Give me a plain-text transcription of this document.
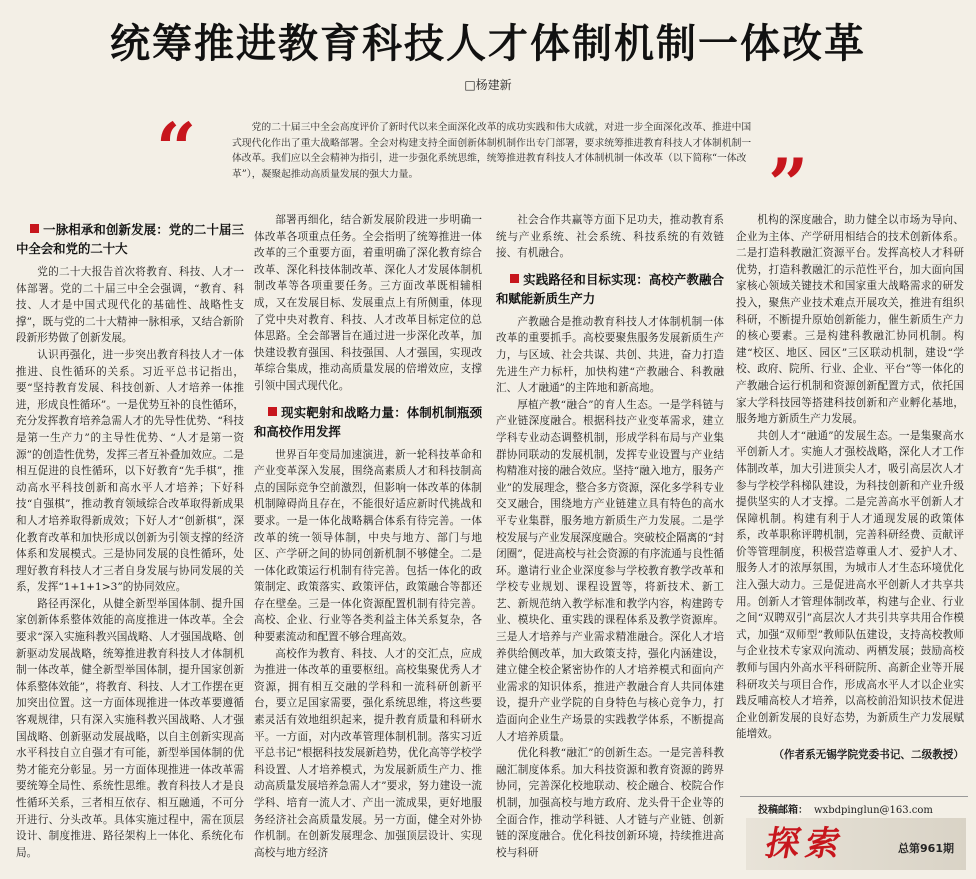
统筹推进教育科技人才体制机制一体改革
□杨建新
“	党的二十届三中全会高度评价了新时代以来全面深化改革的成功实践和伟大成就，对进一步全面深化改革、推进中国式现代化作出了重大战略部署。全会对构建支持全面创新体制机制作出专门部署，要求统筹推进教育科技人才体制机制一体改革。我们应以全会精神为指引，进一步强化系统思维，统筹推进教育科技人才体制机制一体改革（以下简称“一体改革”），凝聚起推动高质量发展的强大力量。	”
一脉相承和创新发展：党的二十届三中全会和党的二十大

党的二十大报告首次将教育、科技、人才一体部署。党的二十届三中全会强调，“教育、科技、人才是中国式现代化的基础性、战略性支撑”，既与党的二十大精神一脉相承，又结合新阶段新形势做了创新发展。

认识再强化，进一步突出教育科技人才一体推进、良性循环的关系。习近平总书记指出，要“坚持教育发展、科技创新、人才培养一体推进，形成良性循环”。一是优势互补的良性循环，充分发挥教育培养急需人才的先导性优势、“科技是第一生产力”的主导性优势、“人才是第一资源”的创造性优势，发挥三者互补叠加效应。二是相互促进的良性循环，以下好教育“先手棋”，推动高水平科技创新和高水平人才培养；下好科技“自强棋”，推动教育领域综合改革取得新成果和人才培养取得新成效；下好人才“创新棋”，深化教育改革和加快形成以创新为引领支撑的经济体系和发展模式。三是协同发展的良性循环，处理好教育科技人才三者自身发展与协同发展的关系，发挥“1+1+1>3”的协同效应。

路径再深化，从健全新型举国体制、提升国家创新体系整体效能的高度推进一体改革。全会要求“深入实施科教兴国战略、人才强国战略、创新驱动发展战略，统筹推进教育科技人才体制机制一体改革，健全新型举国体制，提升国家创新体系整体效能”，将教育、科技、人才工作摆在更加突出位置。这一方面体现推进一体改革要遵循客观规律，只有深入实施科教兴国战略、人才强国战略、创新驱动发展战略，以自主创新实现高水平科技自立自强才有可能，新型举国体制的优势才能充分彰显。另一方面体现推进一体改革需要统筹全局性、系统性思维。教育科技人才是良性循环关系，三者相互依存、相互融通，不可分开进行、分头改革。具体实施过程中，需在顶层设计、制度推进、路径架构上一体化、系统化布局。

部署再细化，结合新发展阶段进一步明确一体改革各项重点任务。全会指明了统筹推进一体改革的三个重要方面，着重明确了深化教育综合改革、深化科技体制改革、深化人才发展体制机制改革等各项重要任务。三方面改革既相辅相成，又在发展目标、发展重点上有所侧重，体现了党中央对教育、科技、人才改革目标定位的总体思路。全会部署旨在通过进一步深化改革，加快建设教育强国、科技强国、人才强国，实现改革综合集成，推动高质量发展的倍增效应，支撑引领中国式现代化。

现实靶射和战略力量：体制机制瓶颈和高校作用发挥

世界百年变局加速演进，新一轮科技革命和产业变革深入发展，围绕高素质人才和科技制高点的国际竞争空前激烈，但影响一体改革的体制机制障碍尚且存在，不能很好适应新时代挑战和要求。一是一体化战略耦合体系有待完善。一体改革的统一领导体制，中央与地方、部门与地区、产学研之间的协同创新机制不够健全。二是一体化政策运行机制有待完善。包括一体化的政策制定、政策落实、政策评估，政策融合等都还存在壁垒。三是一体化资源配置机制有待完善。高校、企业、行业等各类利益主体关系复杂，各种要素流动和配置不够合理高效。

高校作为教育、科技、人才的交汇点，应成为推进一体改革的重要枢纽。高校集聚优秀人才资源，拥有相互交融的学科和一流科研创新平台，要立足国家需要，强化系统思维，将这些要素灵活有效地组织起来，提升教育质量和科研水平。一方面，对内改革管理体制机制。落实习近平总书记“根据科技发展新趋势，优化高等学校学科设置、人才培养模式，为发展新质生产力、推动高质量发展培养急需人才”要求，努力建设一流学科、培育一流人才、产出一流成果，更好地服务经济社会高质量发展。另一方面，健全对外协作机制。在创新发展理念、加强顶层设计、实现高校与地方经济

社会合作共赢等方面下足功夫，推动教育系统与产业系统、社会系统、科技系统的有效链接、有机融合。

实践路径和目标实现：高校产教融合和赋能新质生产力

产教融合是推动教育科技人才体制机制一体改革的重要抓手。高校要聚焦服务发展新质生产力，与区域、社会共谋、共创、共进，奋力打造先进生产力标杆，加快构建“产教融合、科教融汇、人才融通”的主阵地和新高地。

厚植产教“融合”的育人生态。一是学科链与产业链深度融合。根据科技产业变革需求，建立学科专业动态调整机制，形成学科布局与产业集群协同联动的发展机制，发挥专业设置与产业结构精准对接的融合效应。坚持“融入地方，服务产业”的发展理念，整合多方资源，深化多学科专业交叉融合，围绕地方产业链建立具有特色的高水平专业集群，服务地方新质生产力发展。二是学校发展与产业发展深度融合。突破校企隔离的“封闭圈”，促进高校与社会资源的有序流通与良性循环。邀请行业企业深度参与学校教育教学改革和学校专业规划、课程设置等，将新技术、新工艺、新规范纳入教学标准和教学内容，构建跨专业、模块化、重实践的课程体系及教学资源库。三是人才培养与产业需求精准融合。深化人才培养供给侧改革，加大政策支持，强化内涵建设，建立健全校企紧密协作的人才培养模式和面向产业需求的知识体系，推进产教融合育人共同体建设，提升产业学院的自身特色与核心竞争力，打造面向企业生产场景的实践教学体系，不断提高人才培养质量。

优化科教“融汇”的创新生态。一是完善科教融汇制度体系。加大科技资源和教育资源的跨界协同，完善深化校地联动、校企融合、校院合作机制，加强高校与地方政府、龙头骨干企业等的全面合作，推动学科链、人才链与产业链、创新链的深度融合。优化科技创新环境，持续推进高校与科研

机构的深度融合，助力健全以市场为导向、企业为主体、产学研用相结合的技术创新体系。二是打造科教融汇资源平台。发挥高校人才科研优势，打造科教融汇的示范性平台，加大面向国家核心领域关键技术和国家重大战略需求的研发投入，聚焦产业技术难点开展攻关，推进有组织科研，不断提升原始创新能力，催生新质生产力的核心要素。三是构建科教融汇协同机制。构建“校区、地区、园区”三区联动机制，建设“学校、政府、院所、行业、企业、平台”等一体化的产教融合运行机制和资源创新配置方式，依托国家大学科技园等搭建科技创新和产业孵化基地，服务地方新质生产力发展。

共创人才“融通”的发展生态。一是集聚高水平创新人才。实施人才强校战略，深化人才工作体制改革，加大引进顶尖人才，吸引高层次人才参与学校学科梯队建设，为科技创新和产业升级提供坚实的人才支撑。二是完善高水平创新人才保障机制。构建有利于人才通现发展的政策体系，改革职称评聘机制，完善科研经费、贡献评价等管理制度，积极营造尊重人才、爱护人才、服务人才的浓厚氛围，为城市人才生态环境优化注入强大动力。三是促进高水平创新人才共享共用。创新人才管理体制改革，构建与企业、行业之间“双聘双引”高层次人才共引共享共用合作模式，加强“双师型”教师队伍建设，支持高校教师与企业技术专家双向流动、两栖发展；鼓励高校教师与国内外高水平科研院所、高新企业等开展科研攻关与项目合作，形成高水平人才以企业实践反哺高校人才培养，以高校前沿知识技术促进企业创新发展的良好态势，为新质生产力发展赋能增效。

（作者系无锡学院党委书记、二级教授）
投稿邮箱： wxbdpinglun@163.com
探索	总第961期
